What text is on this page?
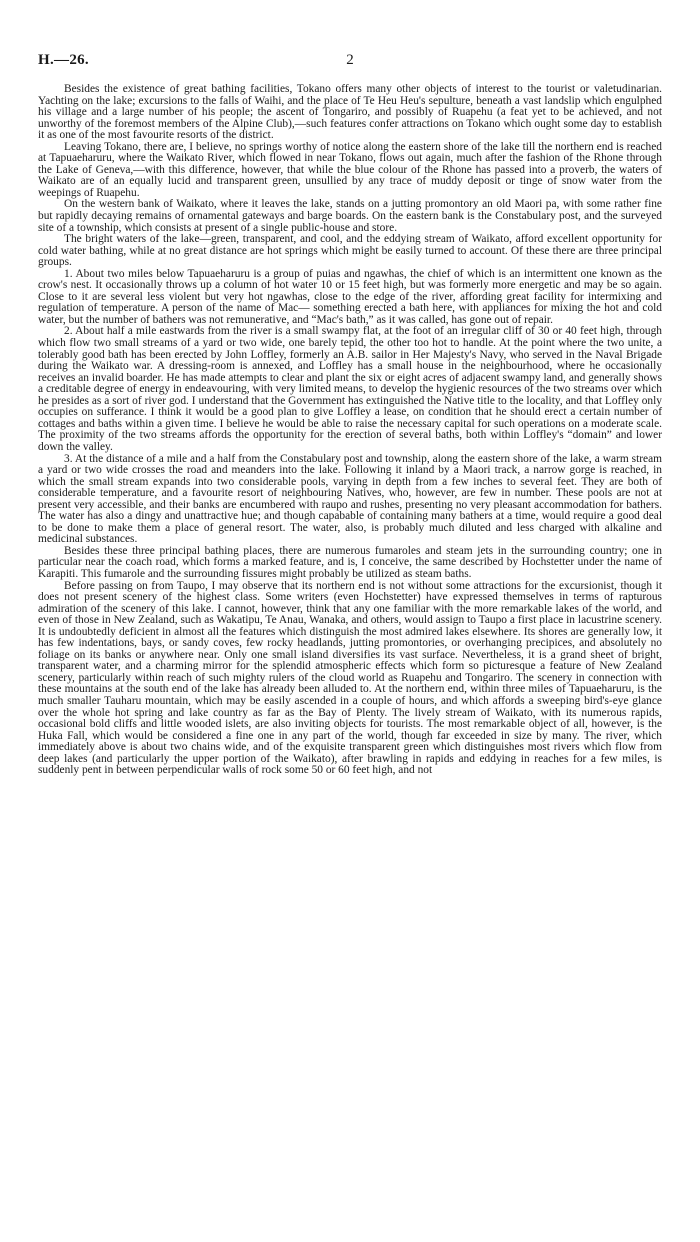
H.—26.	2

Besides the existence of great bathing facilities, Tokano offers many other objects of interest to the tourist or valetudinarian. Yachting on the lake; excursions to the falls of Waihi, and the place of Te Heu Heu's sepulture, beneath a vast landslip which engulphed his village and a large number of his people; the ascent of Tongariro, and possibly of Ruapehu (a feat yet to be achieved, and not unworthy of the foremost members of the Alpine Club),—such features confer attractions on Tokano which ought some day to establish it as one of the most favourite resorts of the district.

Leaving Tokano, there are, I believe, no springs worthy of notice along the eastern shore of the lake till the northern end is reached at Tapuaeharuru, where the Waikato River, which flowed in near Tokano, flows out again, much after the fashion of the Rhone through the Lake of Geneva,—with this difference, however, that while the blue colour of the Rhone has passed into a proverb, the waters of Waikato are of an equally lucid and transparent green, unsullied by any trace of muddy deposit or tinge of snow water from the weepings of Ruapehu.

On the western bank of Waikato, where it leaves the lake, stands on a jutting promontory an old Maori pa, with some rather fine but rapidly decaying remains of ornamental gateways and barge boards. On the eastern bank is the Constabulary post, and the surveyed site of a township, which consists at present of a single public-house and store.

The bright waters of the lake—green, transparent, and cool, and the eddying stream of Waikato, afford excellent opportunity for cold water bathing, while at no great distance are hot springs which might be easily turned to account. Of these there are three principal groups.

1. About two miles below Tapuaeharuru is a group of puias and ngawhas, the chief of which is an intermittent one known as the crow's nest. It occasionally throws up a column of hot water 10 or 15 feet high, but was formerly more energetic and may be so again. Close to it are several less violent but very hot ngawhas, close to the edge of the river, affording great facility for intermixing and regulation of temperature. A person of the name of Mac— something erected a bath here, with appliances for mixing the hot and cold water, but the number of bathers was not remunerative, and “Mac's bath,” as it was called, has gone out of repair.

2. About half a mile eastwards from the river is a small swampy flat, at the foot of an irregular cliff of 30 or 40 feet high, through which flow two small streams of a yard or two wide, one barely tepid, the other too hot to handle. At the point where the two unite, a tolerably good bath has been erected by John Loffley, formerly an A.B. sailor in Her Majesty's Navy, who served in the Naval Brigade during the Waikato war. A dressing-room is annexed, and Loffley has a small house in the neighbourhood, where he occasionally receives an invalid boarder. He has made attempts to clear and plant the six or eight acres of adjacent swampy land, and generally shows a creditable degree of energy in endeavouring, with very limited means, to develop the hygienic resources of the two streams over which he presides as a sort of river god. I understand that the Government has extinguished the Native title to the locality, and that Loffley only occupies on sufferance. I think it would be a good plan to give Loffley a lease, on condition that he should erect a certain number of cottages and baths within a given time. I believe he would be able to raise the necessary capital for such operations on a moderate scale. The proximity of the two streams affords the opportunity for the erection of several baths, both within Loffley's “domain” and lower down the valley.

3. At the distance of a mile and a half from the Constabulary post and township, along the eastern shore of the lake, a warm stream a yard or two wide crosses the road and meanders into the lake. Following it inland by a Maori track, a narrow gorge is reached, in which the small stream expands into two considerable pools, varying in depth from a few inches to several feet. They are both of considerable temperature, and a favourite resort of neighbouring Natives, who, however, are few in number. These pools are not at present very accessible, and their banks are encumbered with raupo and rushes, presenting no very pleasant accommodation for bathers. The water has also a dingy and unattractive hue; and though capabable of containing many bathers at a time, would require a good deal to be done to make them a place of general resort. The water, also, is probably much diluted and less charged with alkaline and medicinal substances.

Besides these three principal bathing places, there are numerous fumaroles and steam jets in the surrounding country; one in particular near the coach road, which forms a marked feature, and is, I conceive, the same described by Hochstetter under the name of Karapiti. This fumarole and the surrounding fissures might probably be utilized as steam baths.

Before passing on from Taupo, I may observe that its northern end is not without some attractions for the excursionist, though it does not present scenery of the highest class. Some writers (even Hochstetter) have expressed themselves in terms of rapturous admiration of the scenery of this lake. I cannot, however, think that any one familiar with the more remarkable lakes of the world, and even of those in New Zealand, such as Wakatipu, Te Anau, Wanaka, and others, would assign to Taupo a first place in lacustrine scenery. It is undoubtedly deficient in almost all the features which distinguish the most admired lakes elsewhere. Its shores are generally low, it has few indentations, bays, or sandy coves, few rocky headlands, jutting promontories, or overhanging precipices, and absolutely no foliage on its banks or anywhere near. Only one small island diversifies its vast surface. Nevertheless, it is a grand sheet of bright, transparent water, and a charming mirror for the splendid atmospheric effects which form so picturesque a feature of New Zealand scenery, particularly within reach of such mighty rulers of the cloud world as Ruapehu and Tongariro. The scenery in connection with these mountains at the south end of the lake has already been alluded to. At the northern end, within three miles of Tapuaeharuru, is the much smaller Tauharu mountain, which may be easily ascended in a couple of hours, and which affords a sweeping bird's-eye glance over the whole hot spring and lake country as far as the Bay of Plenty. The lively stream of Waikato, with its numerous rapids, occasional bold cliffs and little wooded islets, are also inviting objects for tourists. The most remarkable object of all, however, is the Huka Fall, which would be considered a fine one in any part of the world, though far exceeded in size by many. The river, which immediately above is about two chains wide, and of the exquisite transparent green which distinguishes most rivers which flow from deep lakes (and particularly the upper portion of the Waikato), after brawling in rapids and eddying in reaches for a few miles, is suddenly pent in between perpendicular walls of rock some 50 or 60 feet high, and not
